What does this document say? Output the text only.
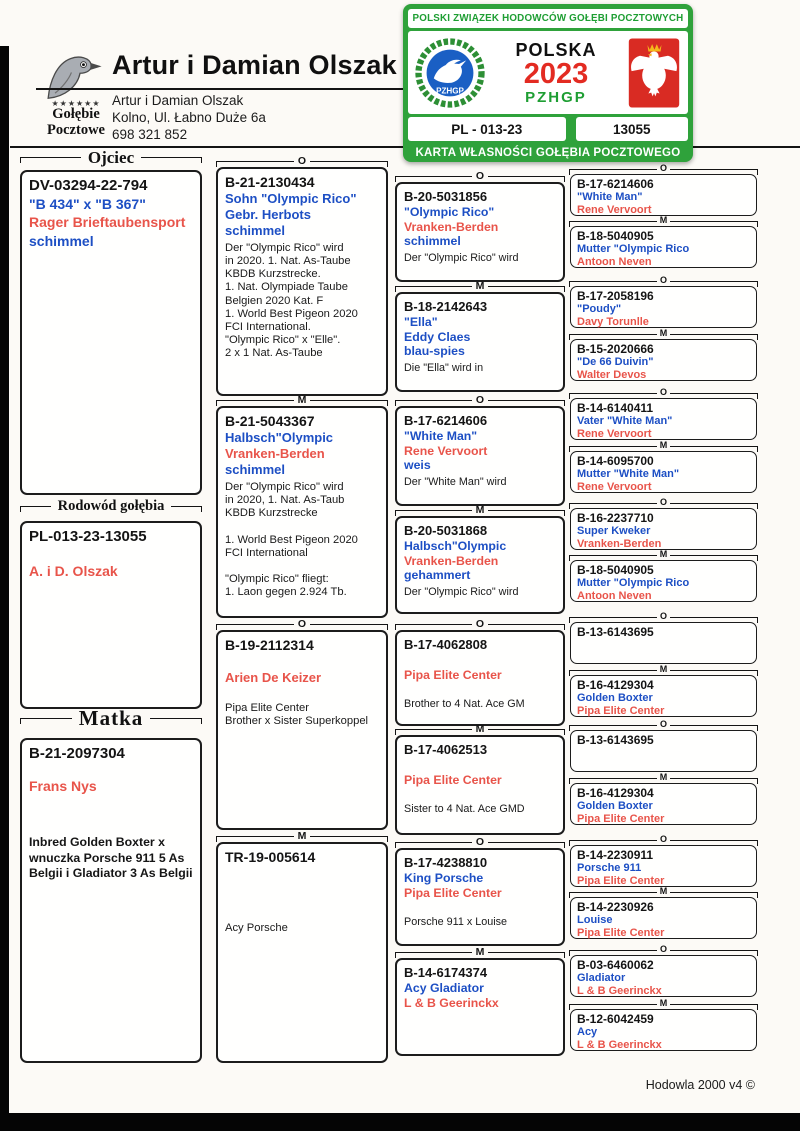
★★★★★★
Gołębie
Pocztowe
Artur i Damian Olszak
Artur i Damian Olszak
Kolno, Ul. Łabno Duże 6a
698 321 852
POLSKI ZWIĄZEK HODOWCÓW GOŁĘBI POCZTOWYCH
PZHGP
POLSKA
2023
PZHGP
PL - 013-23	13055
KARTA WŁASNOŚCI GOŁĘBIA POCZTOWEGO
Ojciec
DV-03294-22-794
"B 434" x "B 367"
Rager Brieftaubensport
schimmel
Rodowód gołębia
PL-013-23-13055
A. i D. Olszak
Matka
B-21-2097304
Frans Nys
Inbred Golden Boxter x
wnuczka Porsche 911 5 As
Belgii i Gladiator 3 As Belgii
O
B-21-2130434
Sohn "Olympic Rico"
Gebr. Herbots
schimmel
Der "Olympic Rico" wird
in 2020. 1. Nat. As-Taube
KBDB Kurzstrecke.
1. Nat. Olympiade Taube
Belgien 2020 Kat. F
1. World Best Pigeon 2020
FCI International.
"Olympic Rico" x "Elle".
2 x 1 Nat. As-Taube
M
B-21-5043367
Halbsch"Olympic
Vranken-Berden
schimmel
Der "Olympic Rico" wird
in 2020, 1. Nat. As-Taub
KBDB Kurzstrecke

1. World Best Pigeon 2020
FCI International

"Olympic Rico" fliegt:
1. Laon gegen 2.924 Tb.
O
B-19-2112314

Arien De Keizer

Pipa Elite Center
Brother x Sister Superkoppel
M
TR-19-005614

Acy Porsche
O
B-20-5031856
"Olympic Rico"
Vranken-Berden
schimmel
Der "Olympic Rico" wird
M
B-18-2142643
"Ella"
Eddy Claes
blau-spies
Die "Ella" wird in
O
B-17-6214606
"White Man"
Rene Vervoort
weis
Der "White Man" wird
M
B-20-5031868
Halbsch"Olympic
Vranken-Berden
gehammert
Der "Olympic Rico" wird
O
B-17-4062808

Pipa Elite Center

Brother to 4 Nat. Ace GM
M
B-17-4062513

Pipa Elite Center

Sister to 4 Nat. Ace GMD
O
B-17-4238810
King Porsche
Pipa Elite Center

Porsche 911 x Louise
M
B-14-6174374
Acy Gladiator
L & B Geerinckx
O
B-17-6214606
"White Man"
Rene Vervoort
M
B-18-5040905
Mutter "Olympic Rico
Antoon Neven
O
B-17-2058196
"Poudy"
Davy Torunlle
M
B-15-2020666
"De 66 Duivin"
Walter Devos
O
B-14-6140411
Vater "White Man"
Rene Vervoort
M
B-14-6095700
Mutter "White Man"
Rene Vervoort
O
B-16-2237710
Super Kweker
Vranken-Berden
M
B-18-5040905
Mutter "Olympic Rico
Antoon Neven
O
B-13-6143695
M
B-16-4129304
Golden Boxter
Pipa Elite Center
O
B-13-6143695
M
B-16-4129304
Golden Boxter
Pipa Elite Center
O
B-14-2230911
Porsche 911
Pipa Elite Center
M
B-14-2230926
Louise
Pipa Elite Center
O
B-03-6460062
Gladiator
L & B Geerinckx
M
B-12-6042459
Acy
L & B Geerinckx
Hodowla 2000 v4 ©
